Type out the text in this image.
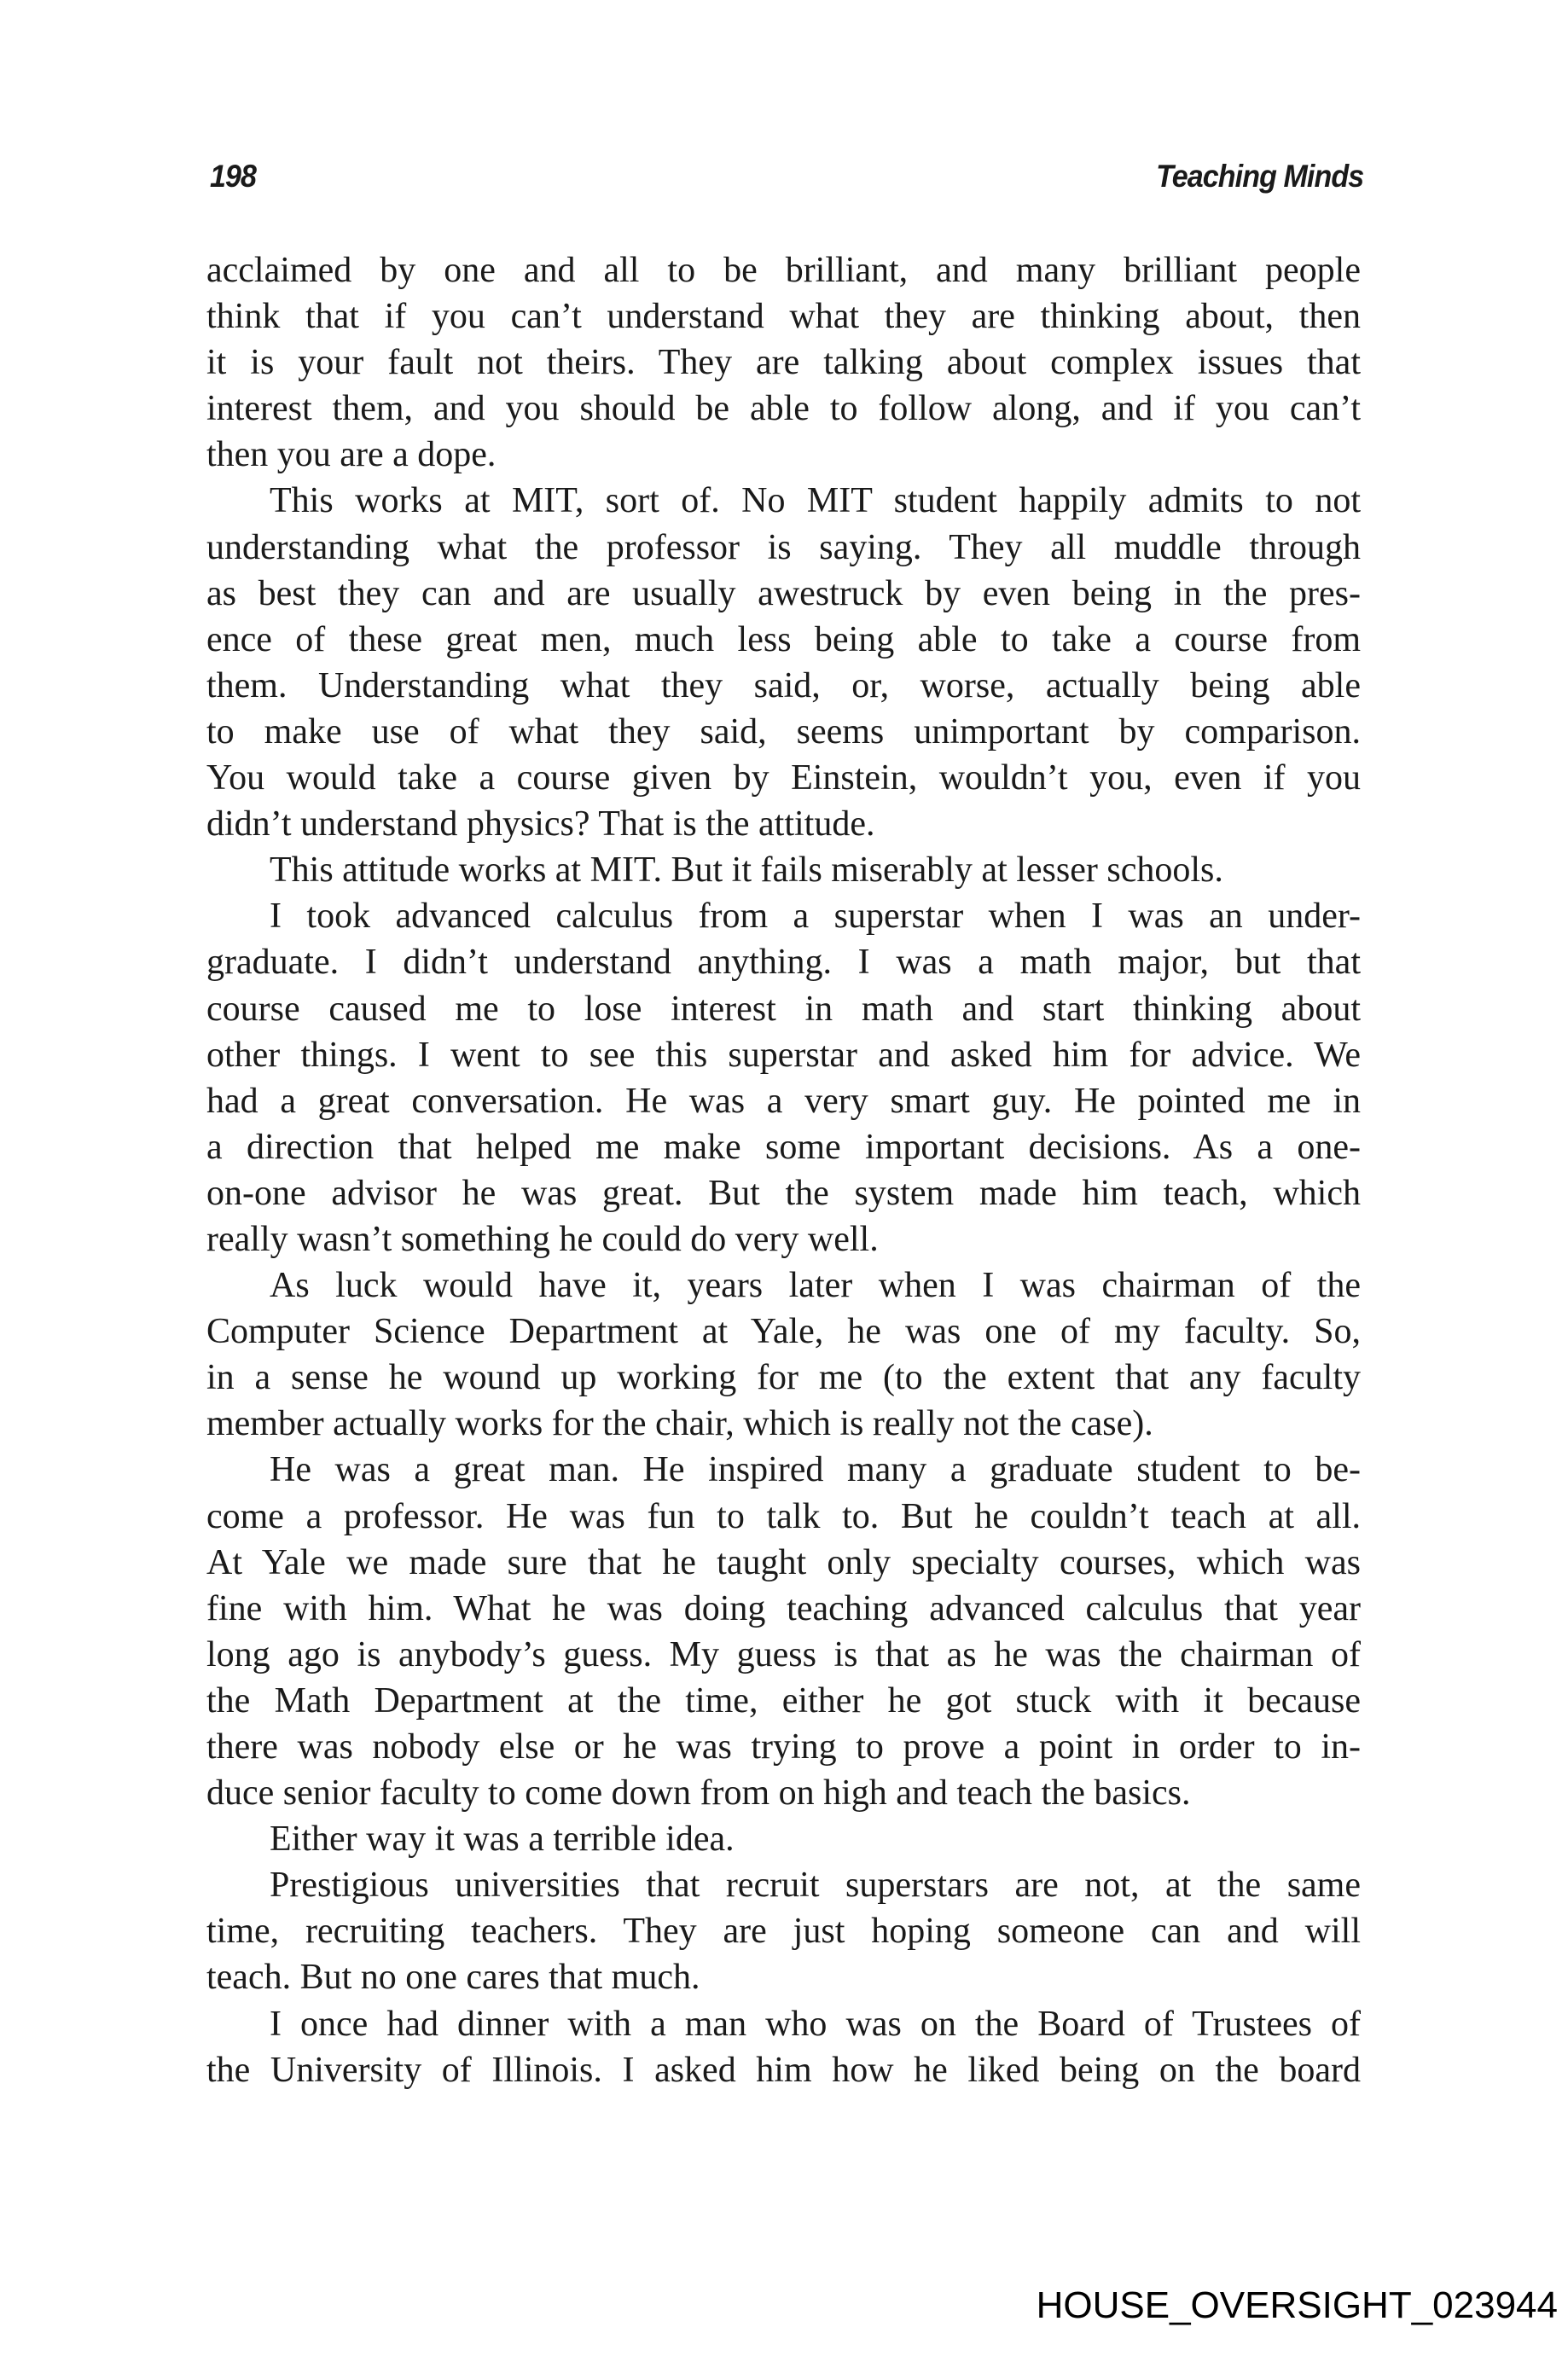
198	Teaching Minds
acclaimed by one and all to be brilliant, and many brilliant people
think that if you can’t understand what they are thinking about, then
it is your fault not theirs. They are talking about complex issues that
interest them, and you should be able to follow along, and if you can’t
then you are a dope.
This works at MIT, sort of. No MIT student happily admits to not
understanding what the professor is saying. They all muddle through
as best they can and are usually awestruck by even being in the pres-
ence of these great men, much less being able to take a course from
them. Understanding what they said, or, worse, actually being able
to make use of what they said, seems unimportant by comparison.
You would take a course given by Einstein, wouldn’t you, even if you
didn’t understand physics? That is the attitude.
This attitude works at MIT. But it fails miserably at lesser schools.
I took advanced calculus from a superstar when I was an under-
graduate. I didn’t understand anything. I was a math major, but that
course caused me to lose interest in math and start thinking about
other things. I went to see this superstar and asked him for advice. We
had a great conversation. He was a very smart guy. He pointed me in
a direction that helped me make some important decisions. As a one-
on-one advisor he was great. But the system made him teach, which
really wasn’t something he could do very well.
As luck would have it, years later when I was chairman of the
Computer Science Department at Yale, he was one of my faculty. So,
in a sense he wound up working for me (to the extent that any faculty
member actually works for the chair, which is really not the case).
He was a great man. He inspired many a graduate student to be-
come a professor. He was fun to talk to. But he couldn’t teach at all.
At Yale we made sure that he taught only specialty courses, which was
fine with him. What he was doing teaching advanced calculus that year
long ago is anybody’s guess. My guess is that as he was the chairman of
the Math Department at the time, either he got stuck with it because
there was nobody else or he was trying to prove a point in order to in-
duce senior faculty to come down from on high and teach the basics.
Either way it was a terrible idea.
Prestigious universities that recruit superstars are not, at the same
time, recruiting teachers. They are just hoping someone can and will
teach. But no one cares that much.
I once had dinner with a man who was on the Board of Trustees of
the University of Illinois. I asked him how he liked being on the board
HOUSE_OVERSIGHT_023944
